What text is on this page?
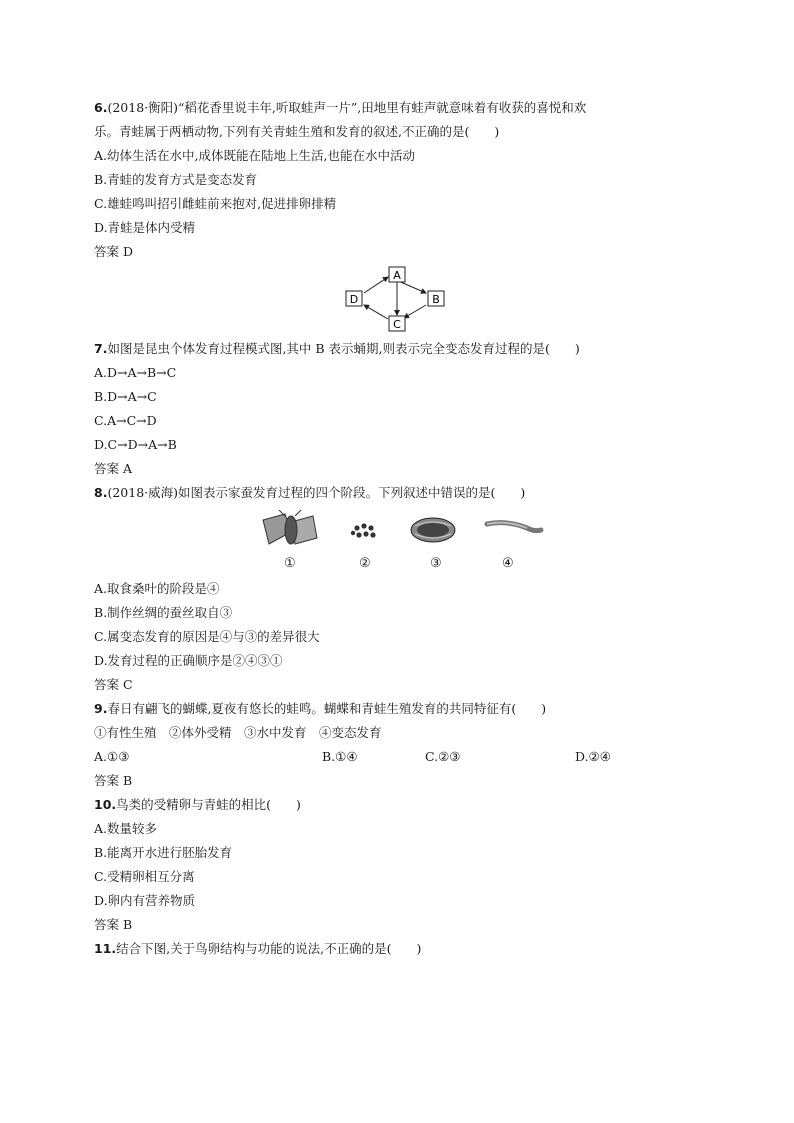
6.(2018·衡阳)“稻花香里说丰年,听取蛙声一片”,田地里有蛙声就意味着有收获的喜悦和欢
乐。青蛙属于两栖动物,下列有关青蛙生殖和发育的叙述,不正确的是(　　)
A.幼体生活在水中,成体既能在陆地上生活,也能在水中活动
B.青蛙的发育方式是变态发育
C.雄蛙鸣叫招引雌蛙前来抱对,促进排卵排精
D.青蛙是体内受精
答案 D
A
B
C
D
7.如图是昆虫个体发育过程模式图,其中 B 表示蛹期,则表示完全变态发育过程的是(　　)
A.D→A→B→C
B.D→A→C
C.A→C→D
D.C→D→A→B
答案 A
8.(2018·威海)如图表示家蚕发育过程的四个阶段。下列叙述中错误的是(　　)
①	②	③	④
A.取食桑叶的阶段是④
B.制作丝绸的蚕丝取自③
C.属变态发育的原因是④与③的差异很大
D.发育过程的正确顺序是②④③①
答案 C
9.春日有翩飞的蝴蝶,夏夜有悠长的蛙鸣。蝴蝶和青蛙生殖发育的共同特征有(　　)
①有性生殖　②体外受精　③水中发育　④变态发育
A.①③	B.①④	C.②③	D.②④
答案 B
10.鸟类的受精卵与青蛙的相比(　　)
A.数量较多
B.能离开水进行胚胎发育
C.受精卵相互分离
D.卵内有营养物质
答案 B
11.结合下图,关于鸟卵结构与功能的说法,不正确的是(　　)
